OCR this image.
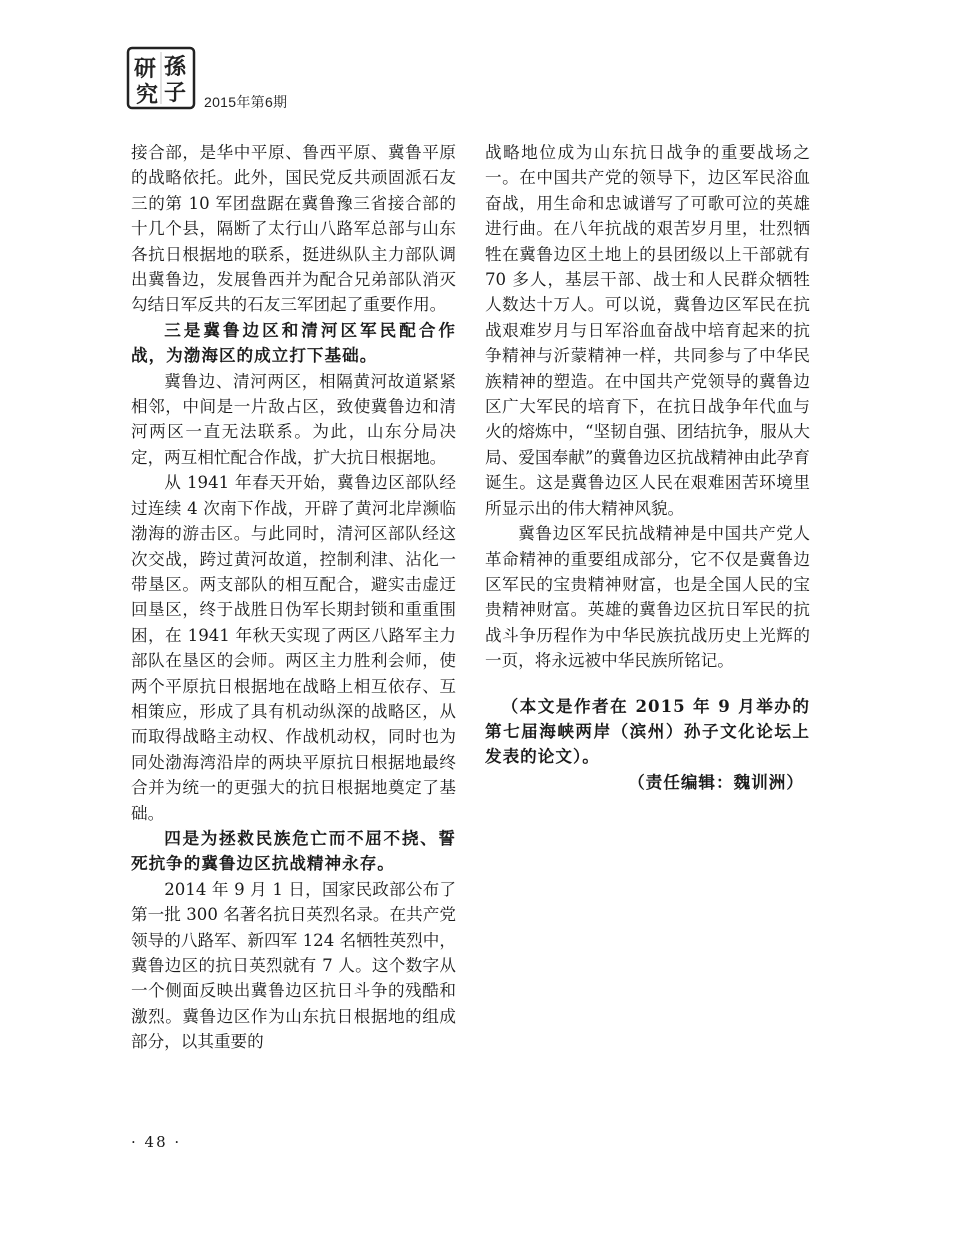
研 孫
究 子 2015年第6期

接合部，是华中平原、鲁西平原、冀鲁平原的战略依托。此外，国民党反共顽固派石友三的第 10 军团盘踞在冀鲁豫三省接合部的十几个县，隔断了太行山八路军总部与山东各抗日根据地的联系，挺进纵队主力部队调出冀鲁边，发展鲁西并为配合兄弟部队消灭勾结日军反共的石友三军团起了重要作用。

三是冀鲁边区和清河区军民配合作战，为渤海区的成立打下基础。

冀鲁边、清河两区，相隔黄河故道紧紧相邻，中间是一片敌占区，致使冀鲁边和清河两区一直无法联系。为此，山东分局决定，两互相忙配合作战，扩大抗日根据地。

从 1941 年春天开始，冀鲁边区部队经过连续 4 次南下作战，开辟了黄河北岸濒临渤海的游击区。与此同时，清河区部队经这次交战，跨过黄河故道，控制利津、沾化一带垦区。两支部队的相互配合，避实击虚迂回垦区，终于战胜日伪军长期封锁和重重围困，在 1941 年秋天实现了两区八路军主力部队在垦区的会师。两区主力胜利会师，使两个平原抗日根据地在战略上相互依存、互相策应，形成了具有机动纵深的战略区，从而取得战略主动权、作战机动权，同时也为同处渤海湾沿岸的两块平原抗日根据地最终合并为统一的更强大的抗日根据地奠定了基础。

四是为拯救民族危亡而不屈不挠、誓死抗争的冀鲁边区抗战精神永存。

2014 年 9 月 1 日，国家民政部公布了第一批 300 名著名抗日英烈名录。在共产党领导的八路军、新四军 124 名牺牲英烈中，冀鲁边区的抗日英烈就有 7 人。这个数字从一个侧面反映出冀鲁边区抗日斗争的残酷和激烈。冀鲁边区作为山东抗日根据地的组成部分，以其重要的

战略地位成为山东抗日战争的重要战场之一。在中国共产党的领导下，边区军民浴血奋战，用生命和忠诚谱写了可歌可泣的英雄进行曲。在八年抗战的艰苦岁月里，壮烈牺牲在冀鲁边区土地上的县团级以上干部就有 70 多人，基层干部、战士和人民群众牺牲人数达十万人。可以说，冀鲁边区军民在抗战艰难岁月与日军浴血奋战中培育起来的抗争精神与沂蒙精神一样，共同参与了中华民族精神的塑造。在中国共产党领导的冀鲁边区广大军民的培育下，在抗日战争年代血与火的熔炼中，“坚韧自强、团结抗争，服从大局、爱国奉献”的冀鲁边区抗战精神由此孕育诞生。这是冀鲁边区人民在艰难困苦环境里所显示出的伟大精神风貌。

冀鲁边区军民抗战精神是中国共产党人革命精神的重要组成部分，它不仅是冀鲁边区军民的宝贵精神财富，也是全国人民的宝贵精神财富。英雄的冀鲁边区抗日军民的抗战斗争历程作为中华民族抗战历史上光辉的一页，将永远被中华民族所铭记。

（本文是作者在 2015 年 9 月举办的第七届海峡两岸（滨州）孙子文化论坛上发表的论文）。

（责任编辑：魏训洲）

· 48 ·
